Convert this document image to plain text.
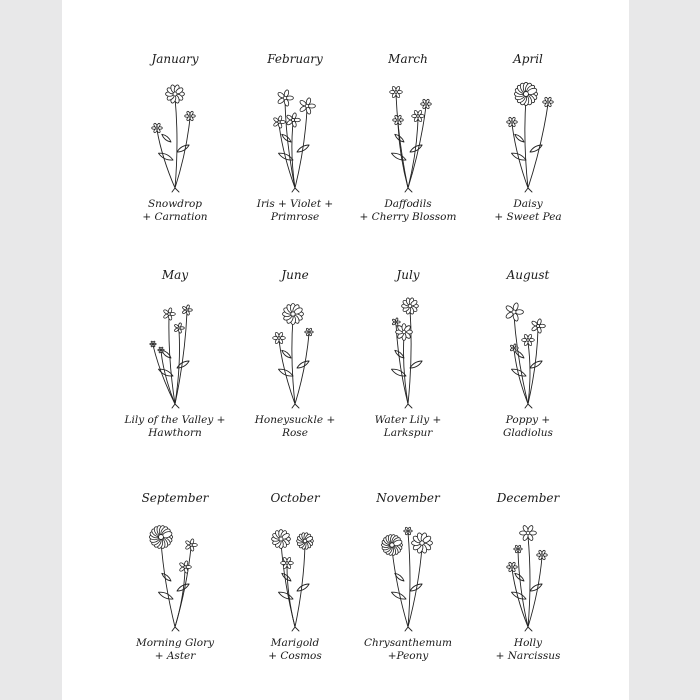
January
Snowdrop
+ Carnation
February
Iris + Violet +
Primrose
March
Daffodils
+ Cherry Blossom
April
Daisy
+ Sweet Pea
May
Lily of the Valley +
Hawthorn
June
Honeysuckle +
Rose
July
Water Lily +
Larkspur
August
Poppy +
Gladiolus
September
Morning Glory
+ Aster
October
Marigold
+ Cosmos
November
Chrysanthemum
+Peony
December
Holly
+ Narcissus
